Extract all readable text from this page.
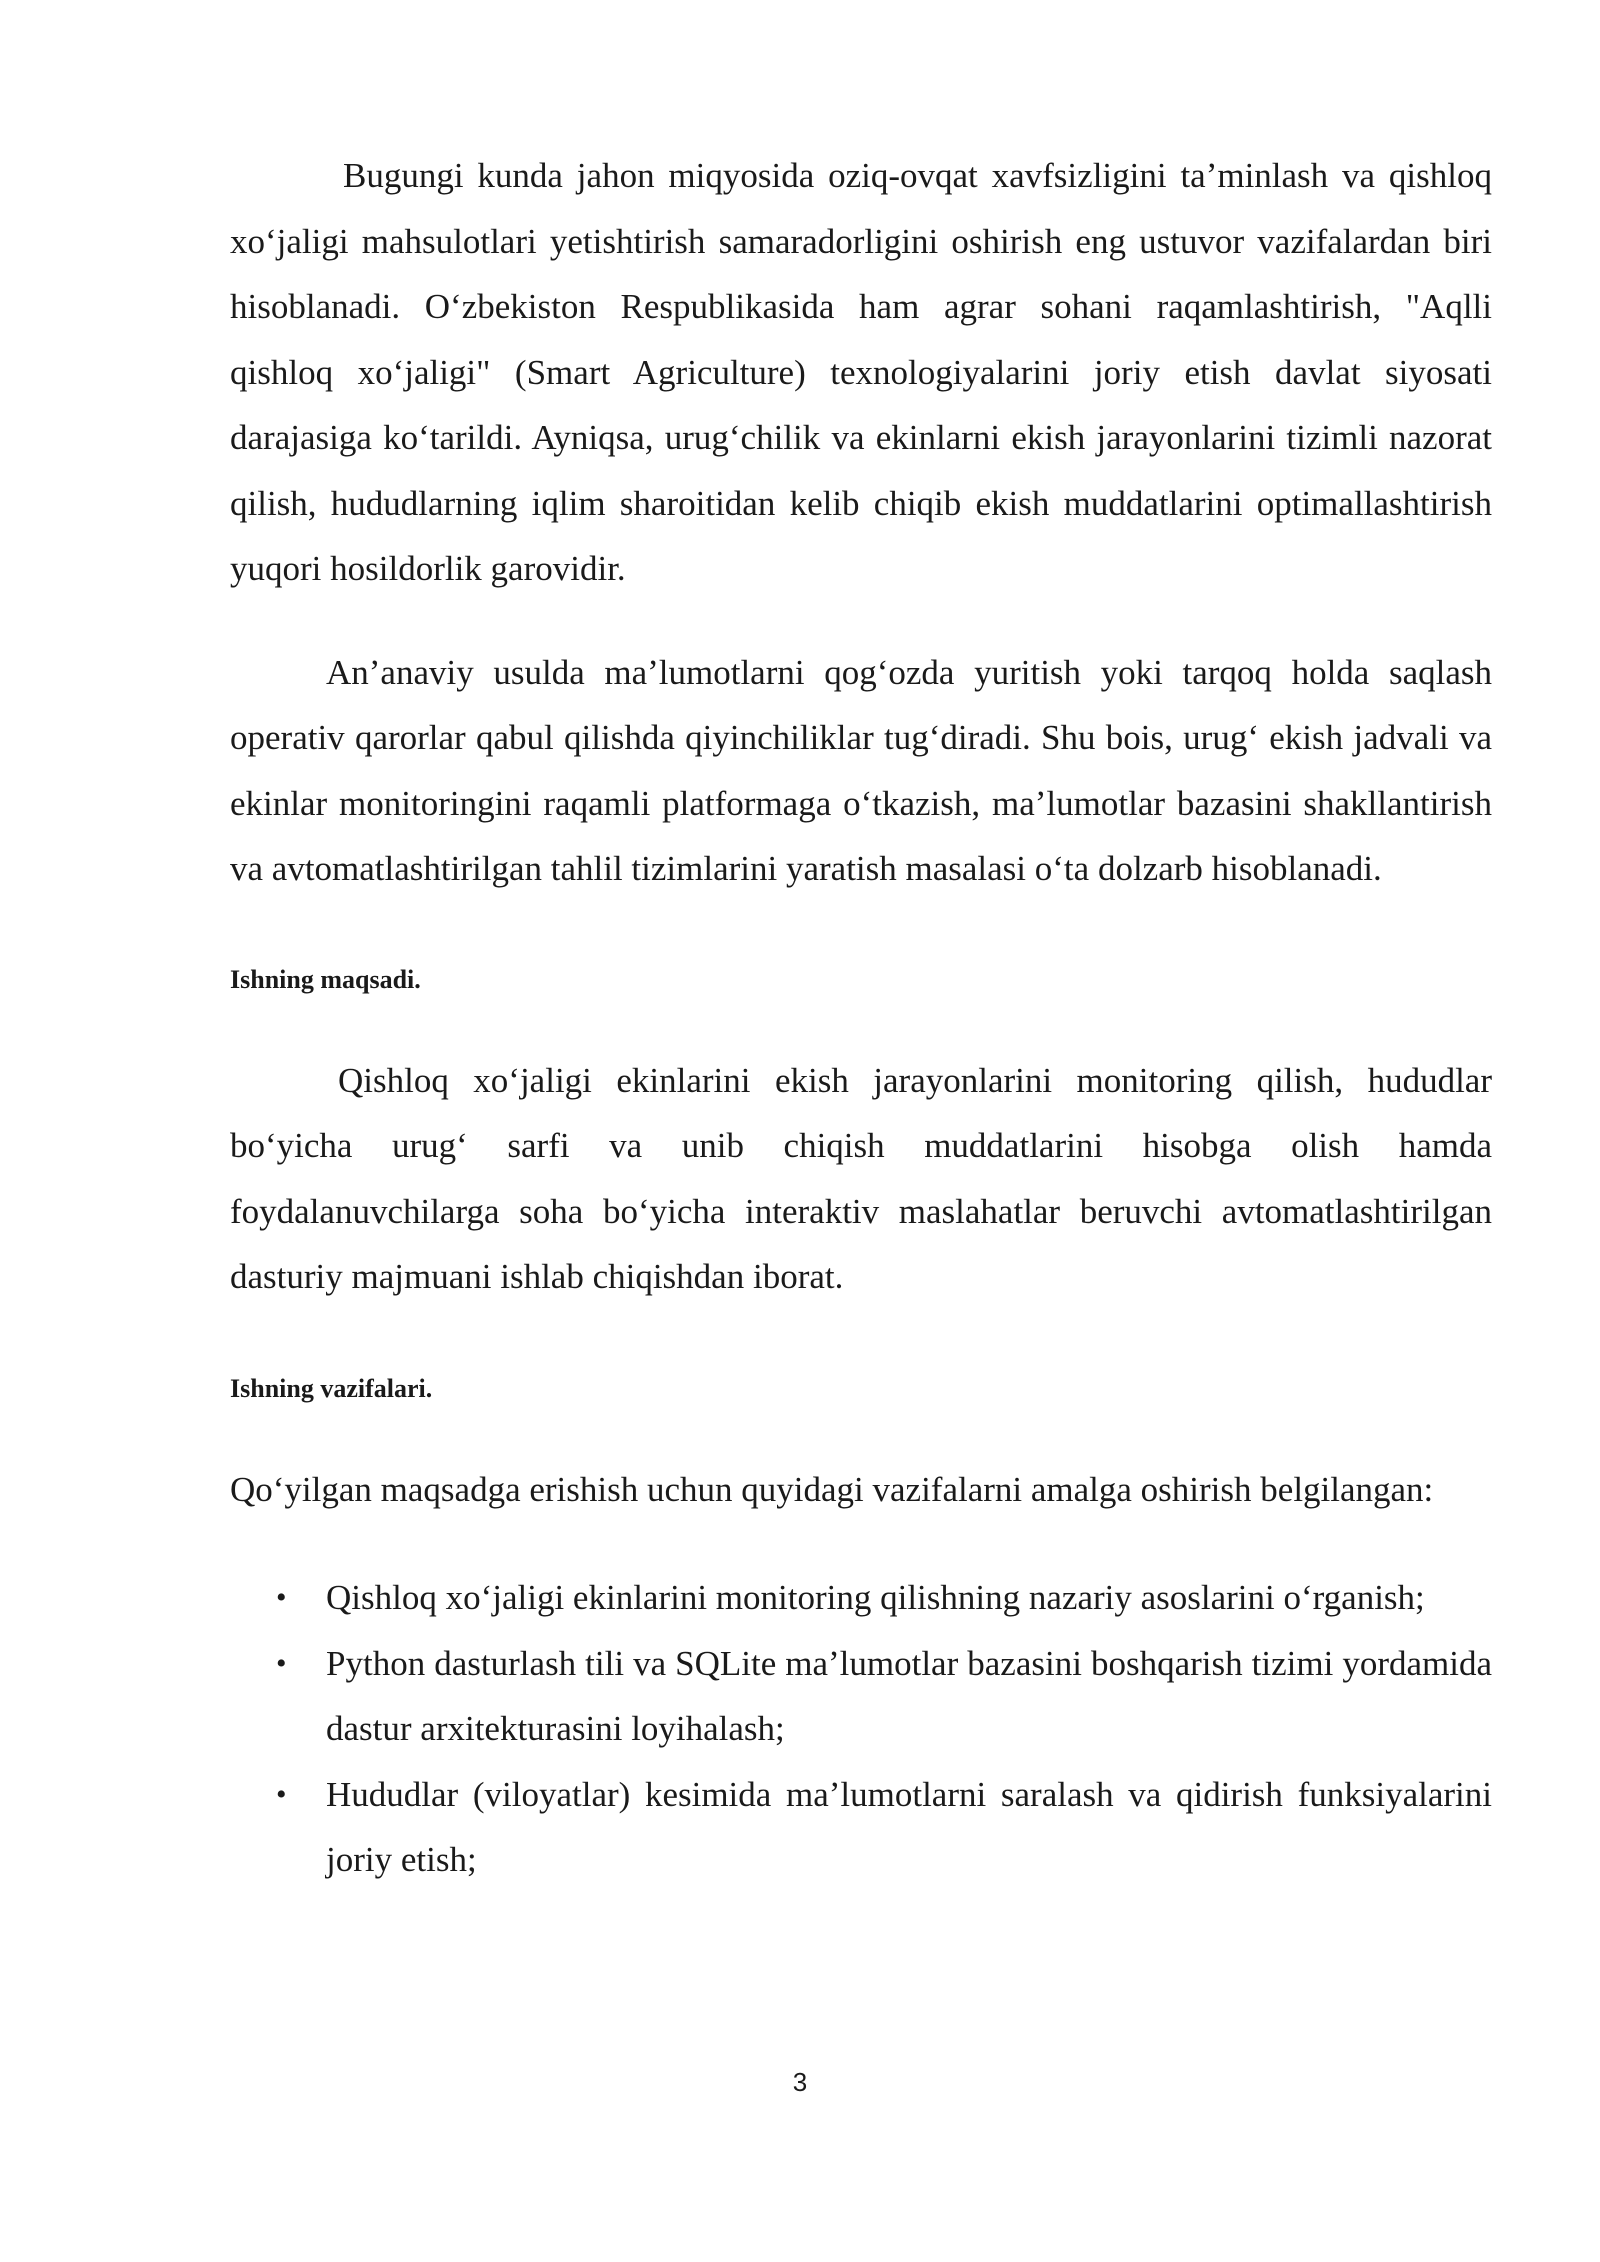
Bugungi kunda jahon miqyosida oziq-ovqat xavfsizligini taʼminlash va qishloq xoʻjaligi mahsulotlari yetishtirish samaradorligini oshirish eng ustuvor vazifalardan biri hisoblanadi. Oʻzbekiston Respublikasida ham agrar sohani raqamlashtirish, "Aqlli qishloq xoʻjaligi" (Smart Agriculture) texnologiyalarini joriy etish davlat siyosati darajasiga koʻtarildi. Ayniqsa, urugʻchilik va ekinlarni ekish jarayonlarini tizimli nazorat qilish, hududlarning iqlim sharoitidan kelib chiqib ekish muddatlarini optimallashtirish yuqori hosildorlik garovidir.

Anʼanaviy usulda maʼlumotlarni qogʻozda yuritish yoki tarqoq holda saqlash operativ qarorlar qabul qilishda qiyinchiliklar tugʻdiradi. Shu bois, urugʻ ekish jadvali va ekinlar monitoringini raqamli platformaga oʻtkazish, maʼlumotlar bazasini shakllantirish va avtomatlashtirilgan tahlil tizimlarini yaratish masalasi oʻta dolzarb hisoblanadi.

Ishning maqsadi.

Qishloq xoʻjaligi ekinlarini ekish jarayonlarini monitoring qilish, hududlar boʻyicha urugʻ sarfi va unib chiqish muddatlarini hisobga olish hamda foydalanuvchilarga soha boʻyicha interaktiv maslahatlar beruvchi avtomatlashtirilgan dasturiy majmuani ishlab chiqishdan iborat.

Ishning vazifalari.

Qoʻyilgan maqsadga erishish uchun quyidagi vazifalarni amalga oshirish belgilangan:

• Qishloq xoʻjaligi ekinlarini monitoring qilishning nazariy asoslarini oʻrganish;
• Python dasturlash tili va SQLite maʼlumotlar bazasini boshqarish tizimi yordamida dastur arxitekturasini loyihalash;
• Hududlar (viloyatlar) kesimida maʼlumotlarni saralash va qidirish funksiyalarini joriy etish;
3
